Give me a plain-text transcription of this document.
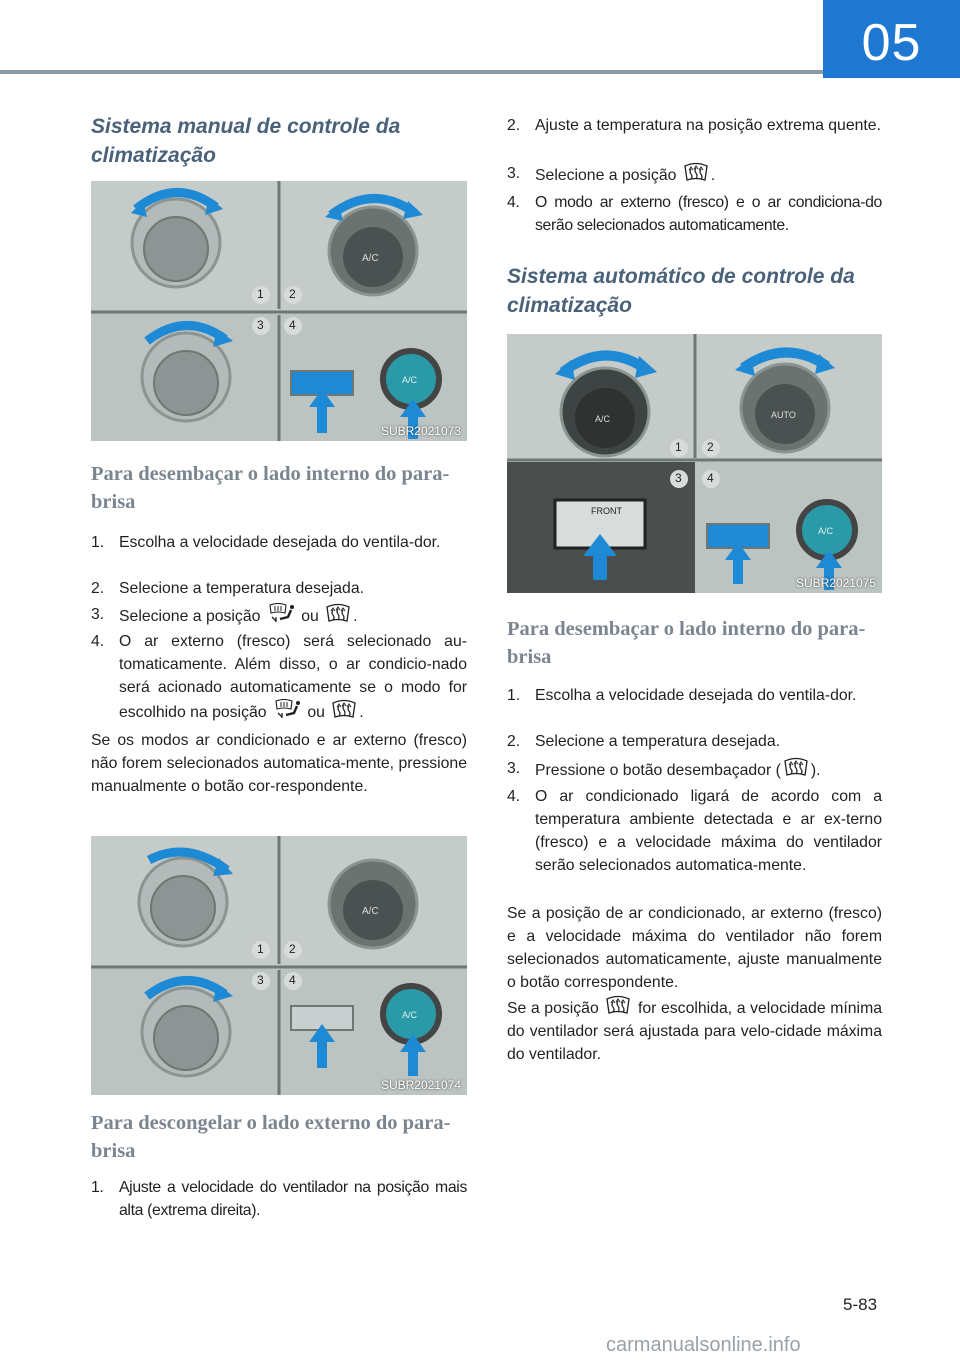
05
Sistema manual de controle da climatização
A/C
A/C
1 2
3 4
SUBR2021073
Para desembaçar o lado interno do para-brisa
1. Escolha a velocidade desejada do ventila-dor.
2. Selecione a temperatura desejada.
3. Selecione a posição	ou .
4. O ar externo (fresco) será selecionado au-tomaticamente. Além disso, o ar condicio-nado será acionado automaticamente se o modo for escolhido na posição	ou .

Se os modos ar condicionado e ar externo (fresco) não forem selecionados automatica-mente, pressione manualmente o botão cor-respondente.

A/C
A/C
1 2
3 4
SUBR2021074
Para descongelar o lado externo do para-brisa
1. Ajuste a velocidade do ventilador na posição mais alta (extrema direita).
2. Ajuste a temperatura na posição extrema quente.
3. Selecione a posição .
4. O modo ar externo (fresco) e o ar condiciona-do serão selecionados automaticamente.
Sistema automático de controle da climatização
A/C	AUTO
FRONT
A/C
1 2
3 4
SUBR2021075
Para desembaçar o lado interno do para-brisa
1. Escolha a velocidade desejada do ventila-dor.
2. Selecione a temperatura desejada.
3. Pressione o botão desembaçador ( ).
4. O ar condicionado ligará de acordo com a temperatura ambiente detectada e ar ex-terno (fresco) e a velocidade máxima do ventilador serão selecionados automatica-mente.

Se a posição de ar condicionado, ar externo (fresco) e a velocidade máxima do ventilador não forem selecionados automaticamente, ajuste manualmente o botão correspondente.

Se a posição for escolhida, a velocidade mínima do ventilador será ajustada para velo-cidade máxima do ventilador.

5-83
carmanualsonline.info
